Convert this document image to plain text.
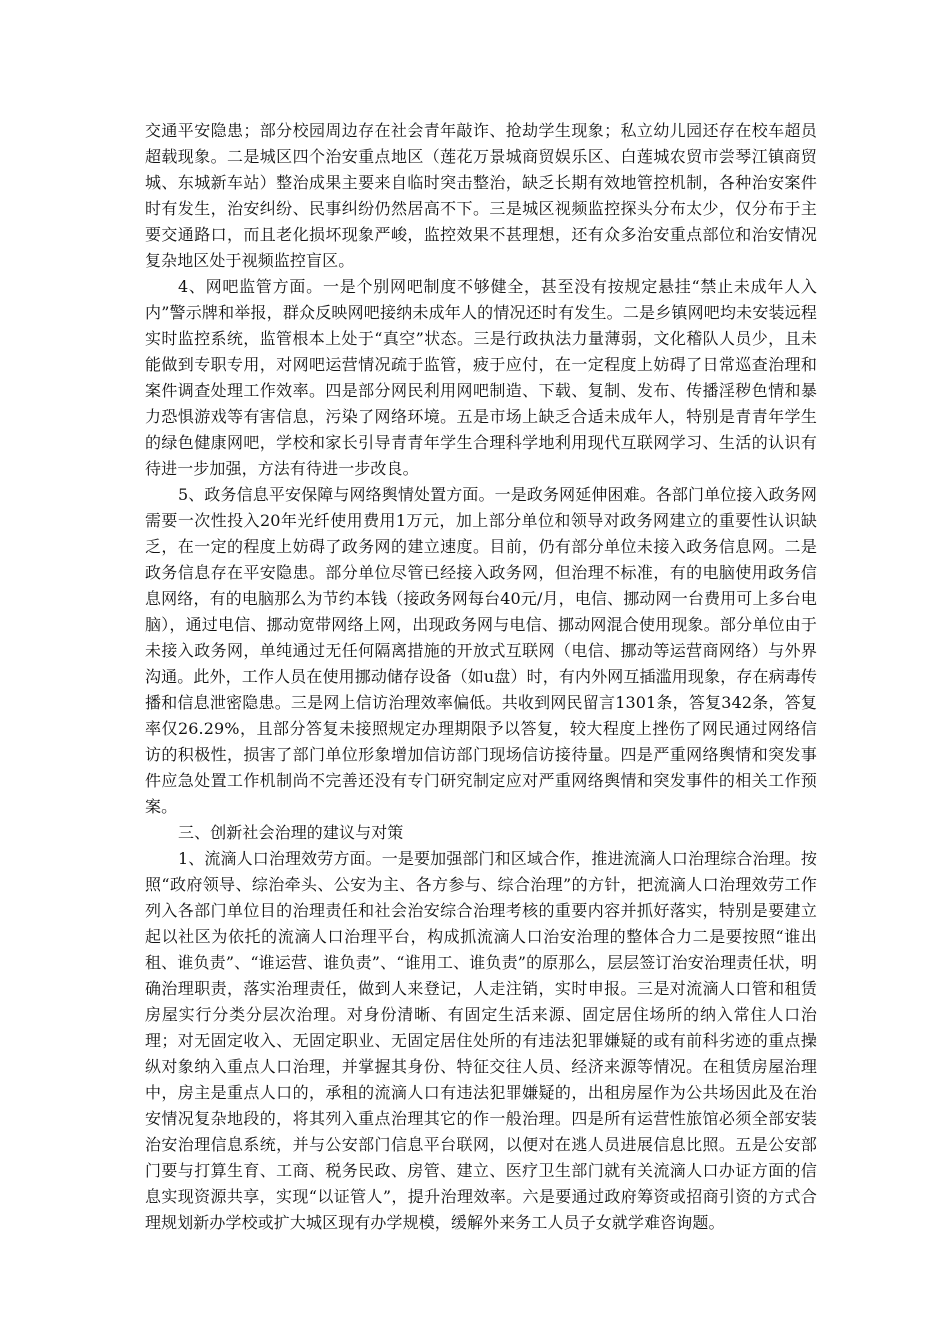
交通平安隐患；部分校园周边存在社会青年敲诈、抢劫学生现象；私立幼儿园还存在校车超员超载现象。二是城区四个治安重点地区（莲花万景城商贸娱乐区、白莲城农贸市尝琴江镇商贸城、东城新车站）整治成果主要来自临时突击整治，缺乏长期有效地管控机制，各种治安案件时有发生，治安纠纷、民事纠纷仍然居高不下。三是城区视频监控探头分布太少，仅分布于主要交通路口，而且老化损坏现象严峻，监控效果不甚理想，还有众多治安重点部位和治安情况复杂地区处于视频监控盲区。

4、网吧监管方面。一是个别网吧制度不够健全，甚至没有按规定悬挂“禁止未成年人入内”警示牌和举报，群众反映网吧接纳未成年人的情况还时有发生。二是乡镇网吧均未安装远程实时监控系统，监管根本上处于“真空”状态。三是行政执法力量薄弱，文化稽队人员少，且未能做到专职专用，对网吧运营情况疏于监管，疲于应付，在一定程度上妨碍了日常巡查治理和案件调查处理工作效率。四是部分网民利用网吧制造、下载、复制、发布、传播淫秽色情和暴力恐惧游戏等有害信息，污染了网络环境。五是市场上缺乏合适未成年人，特别是青青年学生的绿色健康网吧，学校和家长引导青青年学生合理科学地利用现代互联网学习、生活的认识有待进一步加强，方法有待进一步改良。

5、政务信息平安保障与网络舆情处置方面。一是政务网延伸困难。各部门单位接入政务网需要一次性投入20年光纤使用费用1万元，加上部分单位和领导对政务网建立的重要性认识缺乏，在一定的程度上妨碍了政务网的建立速度。目前，仍有部分单位未接入政务信息网。二是政务信息存在平安隐患。部分单位尽管已经接入政务网，但治理不标准，有的电脑使用政务信息网络，有的电脑那么为节约本钱（接政务网每台40元/月，电信、挪动网一台费用可上多台电脑），通过电信、挪动宽带网络上网，出现政务网与电信、挪动网混合使用现象。部分单位由于未接入政务网，单纯通过无任何隔离措施的开放式互联网（电信、挪动等运营商网络）与外界沟通。此外，工作人员在使用挪动储存设备（如u盘）时，有内外网互插滥用现象，存在病毒传播和信息泄密隐患。三是网上信访治理效率偏低。共收到网民留言1301条，答复342条，答复率仅26.29%，且部分答复未接照规定办理期限予以答复，较大程度上挫伤了网民通过网络信访的积极性，损害了部门单位形象增加信访部门现场信访接待量。四是严重网络舆情和突发事件应急处置工作机制尚不完善还没有专门研究制定应对严重网络舆情和突发事件的相关工作预案。

三、创新社会治理的建议与对策

1、流滴人口治理效劳方面。一是要加强部门和区域合作，推进流滴人口治理综合治理。按照“政府领导、综治牵头、公安为主、各方参与、综合治理”的方针，把流滴人口治理效劳工作列入各部门单位目的治理责任和社会治安综合治理考核的重要内容并抓好落实，特别是要建立起以社区为依托的流滴人口治理平台，构成抓流滴人口治安治理的整体合力二是要按照“谁出租、谁负责”、“谁运营、谁负责”、“谁用工、谁负责”的原那么，层层签订治安治理责任状，明确治理职责，落实治理责任，做到人来登记，人走注销，实时申报。三是对流滴人口管和租赁房屋实行分类分层次治理。对身份清晰、有固定生活来源、固定居住场所的纳入常住人口治理；对无固定收入、无固定职业、无固定居住处所的有违法犯罪嫌疑的或有前科劣迹的重点操纵对象纳入重点人口治理，并掌握其身份、特征交往人员、经济来源等情况。在租赁房屋治理中，房主是重点人口的，承租的流滴人口有违法犯罪嫌疑的，出租房屋作为公共场因此及在治安情况复杂地段的，将其列入重点治理其它的作一般治理。四是所有运营性旅馆必须全部安装治安治理信息系统，并与公安部门信息平台联网，以便对在逃人员进展信息比照。五是公安部门要与打算生育、工商、税务民政、房管、建立、医疗卫生部门就有关流滴人口办证方面的信息实现资源共享，实现“以证管人”，提升治理效率。六是要通过政府筹资或招商引资的方式合理规划新办学校或扩大城区现有办学规模，缓解外来务工人员子女就学难咨询题。
